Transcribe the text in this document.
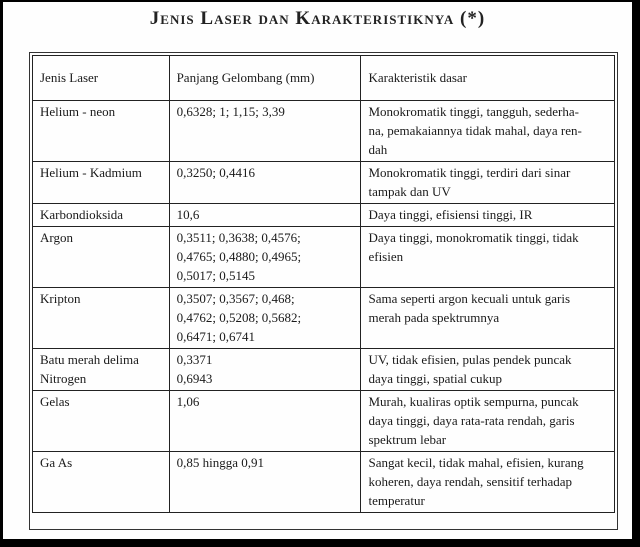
Jenis Laser dan Karakteristiknya (*)
Jenis Laser	Panjang Gelombang (mm)	Karakteristik dasar

Helium - neon	0,6328; 1; 1,15; 3,39	Monokromatik tinggi, tangguh, sederha-
na, pemakaiannya tidak mahal, daya ren-
dah

Helium - Kadmium	0,3250; 0,4416	Monokromatik tinggi, terdiri dari sinar
tampak dan UV

Karbondioksida	10,6	Daya tinggi, efisiensi tinggi, IR

Argon	0,3511; 0,3638; 0,4576;
0,4765; 0,4880; 0,4965;
0,5017; 0,5145	Daya tinggi, monokromatik tinggi, tidak
efisien

Kripton	0,3507; 0,3567; 0,468;
0,4762; 0,5208; 0,5682;
0,6471; 0,6741	Sama seperti argon kecuali untuk garis
merah pada spektrumnya

Batu merah delima
Nitrogen	0,3371
0,6943	UV, tidak efisien, pulas pendek puncak
daya tinggi, spatial cukup

Gelas	1,06	Murah, kualiras optik sempurna, puncak
daya tinggi, daya rata-rata rendah, garis
spektrum lebar

Ga As	0,85 hingga 0,91	Sangat kecil, tidak mahal, efisien, kurang
koheren, daya rendah, sensitif terhadap
temperatur
